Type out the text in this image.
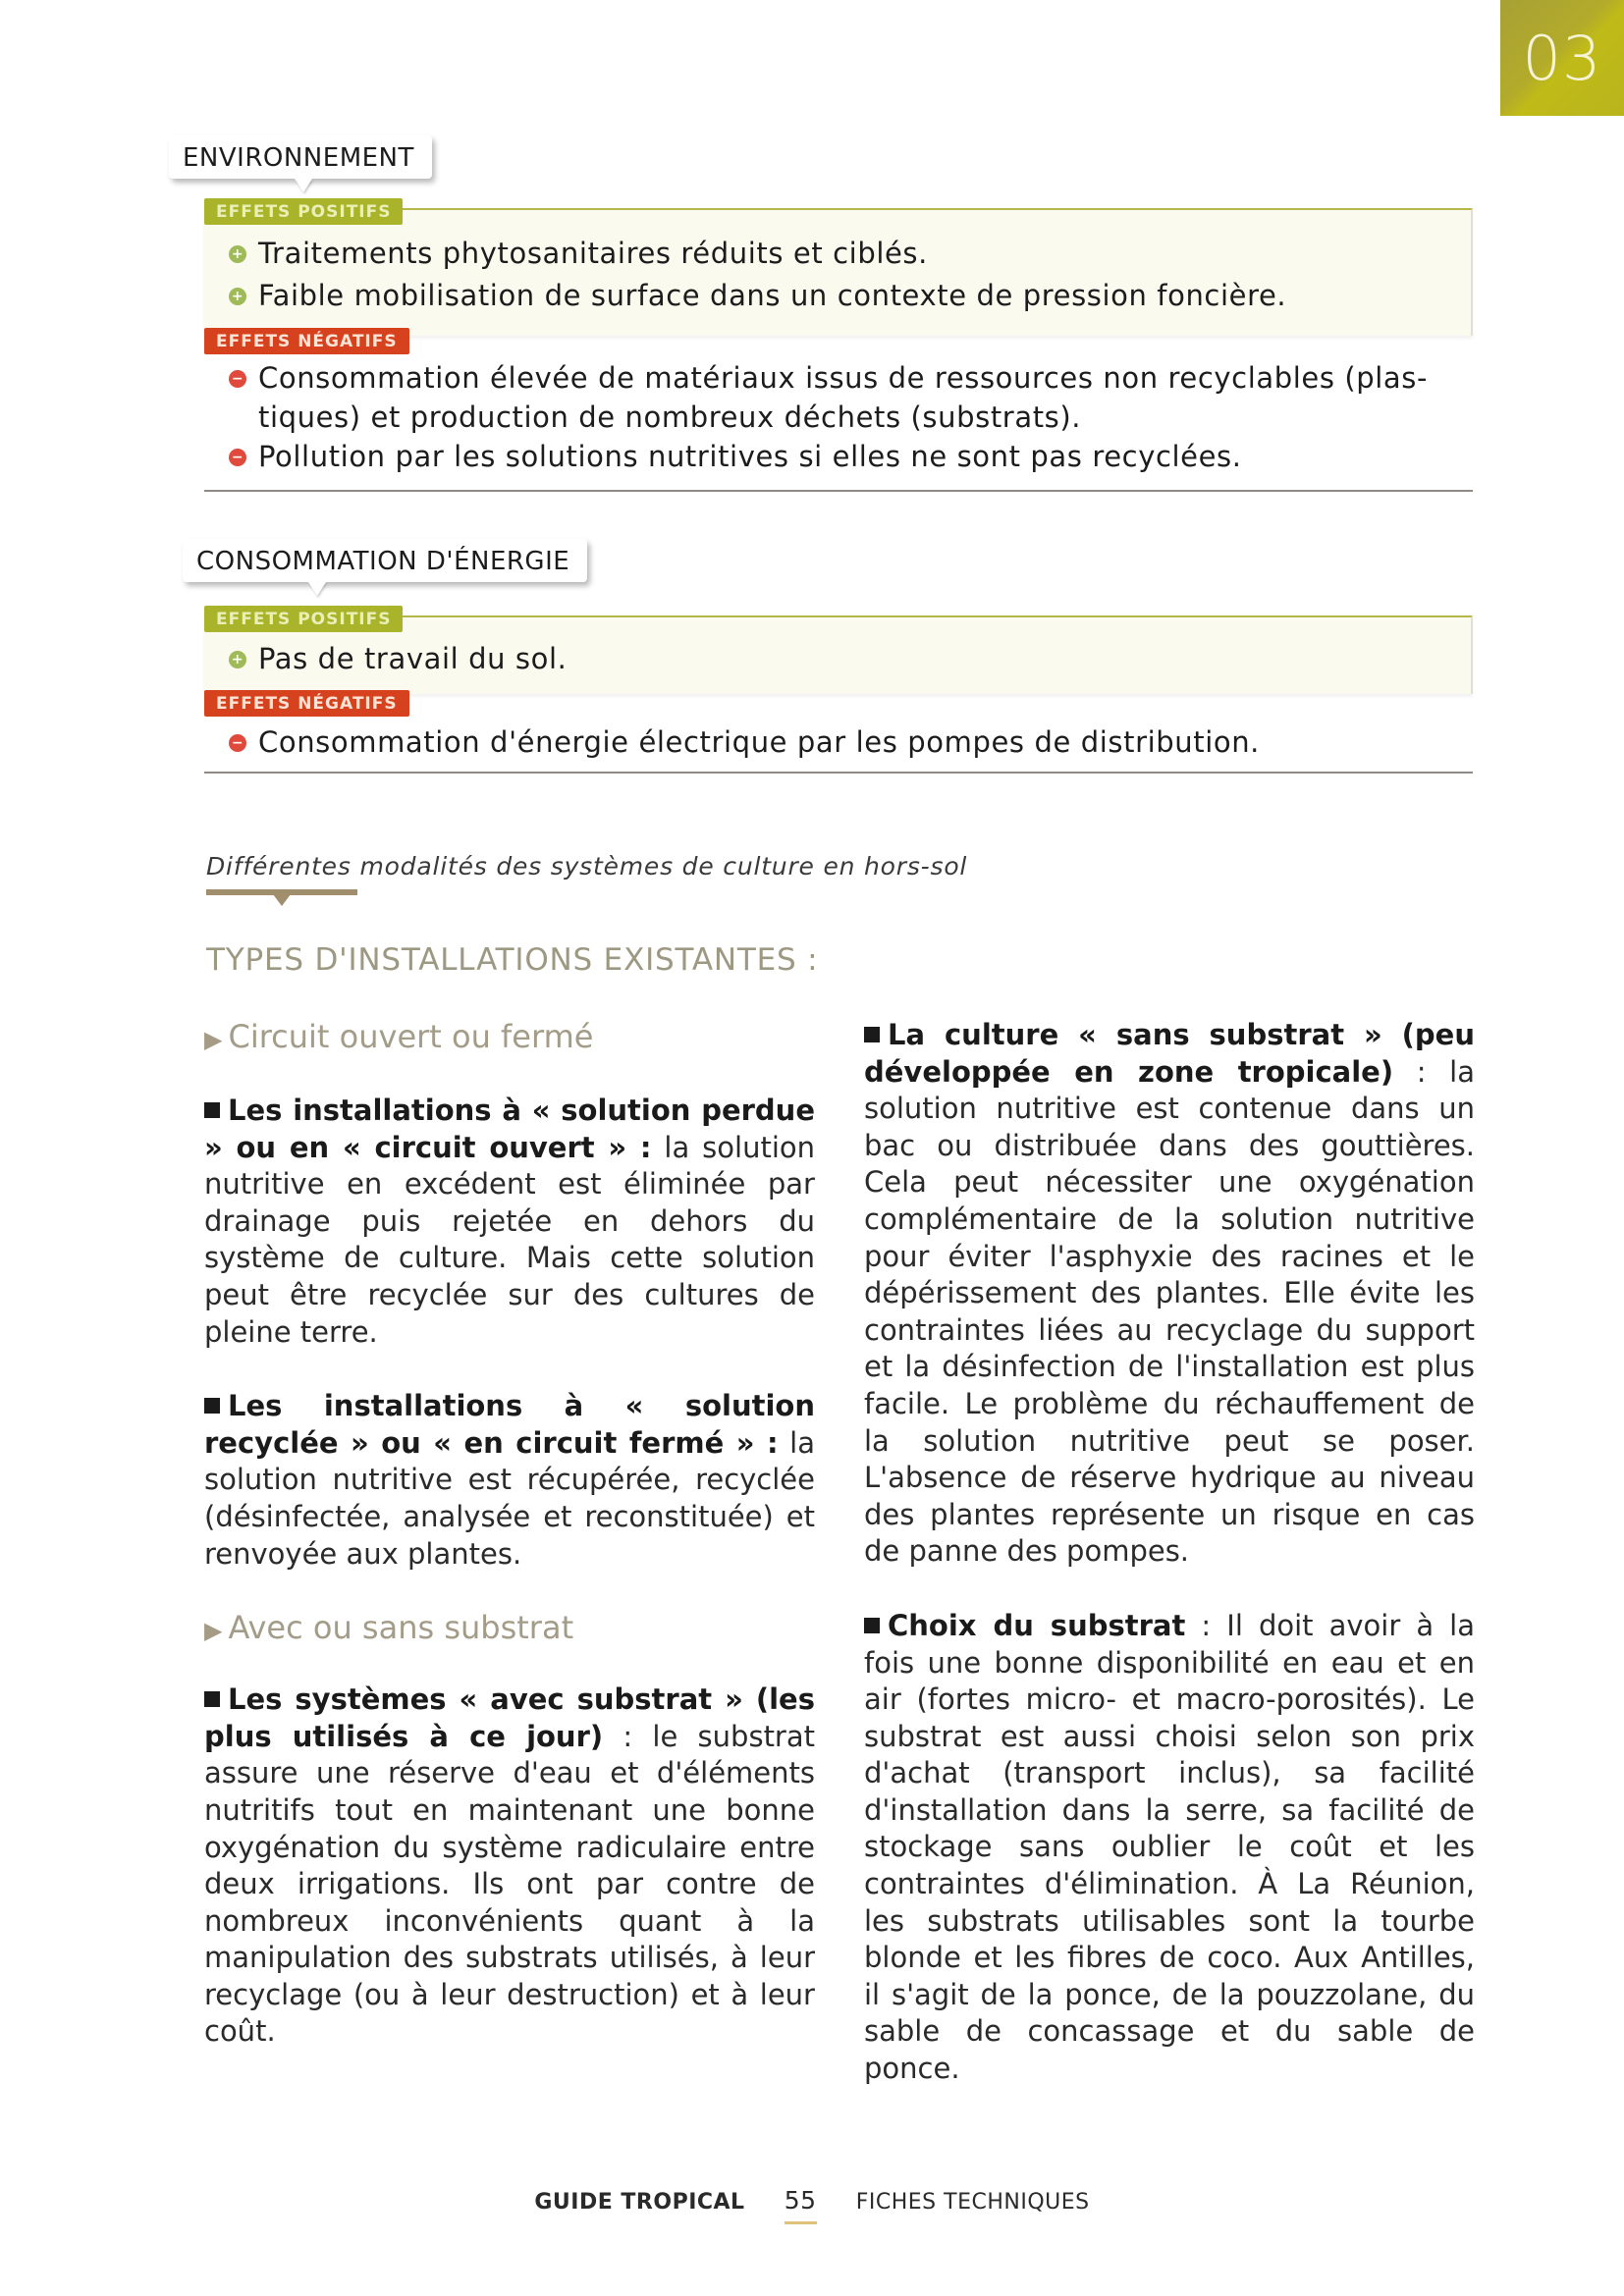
03
ENVIRONNEMENT
EFFETS POSITIFS
+ Traitements phytosanitaires réduits et ciblés.
+ Faible mobilisation de surface dans un contexte de pression foncière.
EFFETS NÉGATIFS
− Consommation élevée de matériaux issus de ressources non recyclables (plas-
tiques) et production de nombreux déchets (substrats).
− Pollution par les solutions nutritives si elles ne sont pas recyclées.
CONSOMMATION D'ÉNERGIE
EFFETS POSITIFS
+ Pas de travail du sol.
EFFETS NÉGATIFS
− Consommation d'énergie électrique par les pompes de distribution.
Différentes modalités des systèmes de culture en hors-sol
TYPES D'INSTALLATIONS EXISTANTES :
▶ Circuit ouvert ou fermé

Les installations à « solution perdue » ou en « circuit ouvert » : la solution nutritive en excédent est éliminée par drainage puis rejetée en dehors du système de culture. Mais cette solution peut être recyclée sur des cultures de pleine terre.

Les installations à « solution recyclée » ou « en circuit fermé » : la solution nutritive est récupérée, recyclée (désinfectée, analysée et reconstituée) et renvoyée aux plantes.

▶ Avec ou sans substrat

Les systèmes « avec substrat » (les plus utilisés à ce jour) : le substrat assure une réserve d'eau et d'éléments nutritifs tout en maintenant une bonne oxygénation du système radiculaire entre deux irrigations. Ils ont par contre de nombreux inconvénients quant à la manipulation des substrats utilisés, à leur recyclage (ou à leur destruction) et à leur coût.

La culture « sans substrat » (peu développée en zone tropicale) : la solution nutritive est contenue dans un bac ou distribuée dans des gouttières. Cela peut nécessiter une oxygénation complémentaire de la solution nutritive pour éviter l'asphyxie des racines et le dépérissement des plantes. Elle évite les contraintes liées au recyclage du support et la désinfection de l'installation est plus facile. Le problème du réchauffement de la solution nutritive peut se poser. L'absence de réserve hydrique au niveau des plantes représente un risque en cas de panne des pompes.

Choix du substrat : Il doit avoir à la fois une bonne disponibilité en eau et en air (fortes micro- et macro-porosités). Le substrat est aussi choisi selon son prix d'achat (transport inclus), sa facilité d'installation dans la serre, sa facilité de stockage sans oublier le coût et les contraintes d'élimination. À La Réunion, les substrats utilisables sont la tourbe blonde et les fibres de coco. Aux Antilles, il s'agit de la ponce, de la pouzzolane, du sable de concassage et du sable de ponce.

GUIDE TROPICAL 55 FICHES TECHNIQUES
